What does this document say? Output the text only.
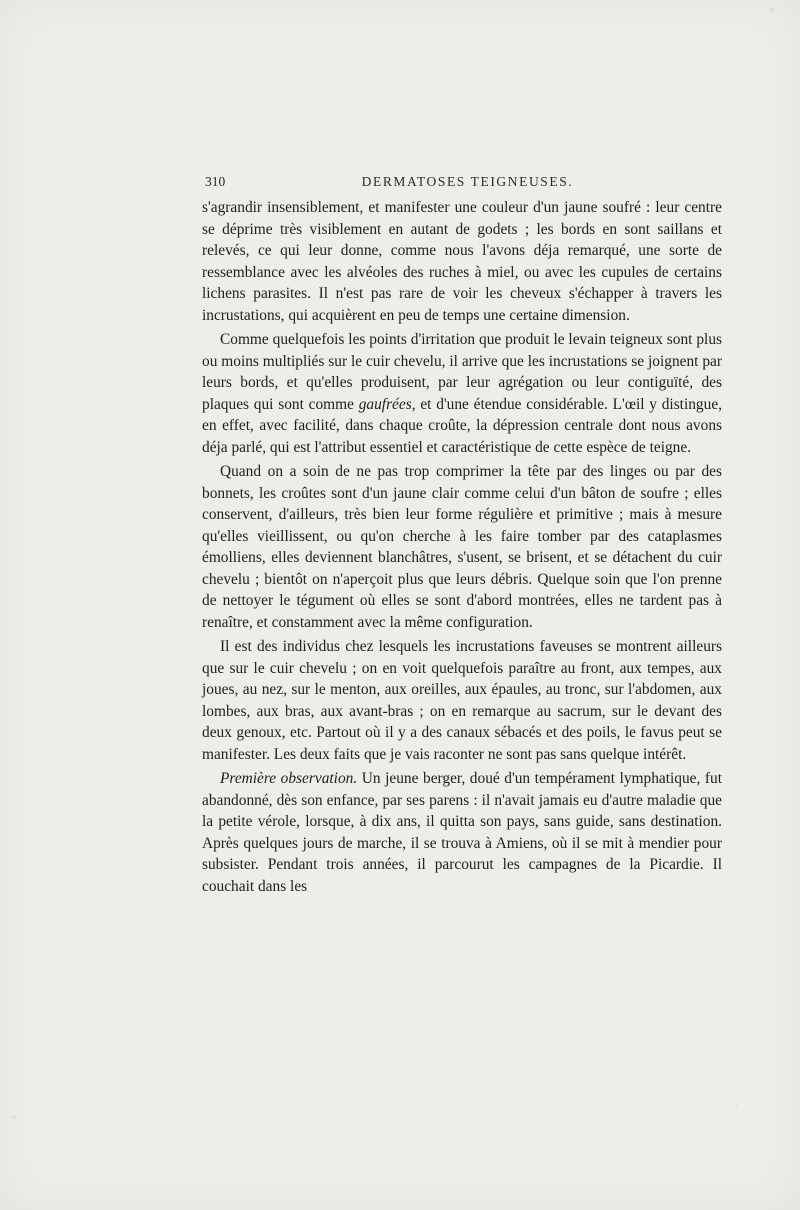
310	DERMATOSES TEIGNEUSES.

s'agrandir insensiblement, et manifester une couleur d'un jaune soufré : leur centre se déprime très visiblement en autant de godets ; les bords en sont saillans et relevés, ce qui leur donne, comme nous l'avons déja remarqué, une sorte de ressemblance avec les alvéoles des ruches à miel, ou avec les cupules de certains lichens parasites. Il n'est pas rare de voir les cheveux s'échapper à travers les incrustations, qui acquièrent en peu de temps une certaine dimension.

Comme quelquefois les points d'irritation que produit le levain teigneux sont plus ou moins multipliés sur le cuir chevelu, il arrive que les incrustations se joignent par leurs bords, et qu'elles produisent, par leur agrégation ou leur contiguïté, des plaques qui sont comme gaufrées, et d'une étendue considérable. L'œil y distingue, en effet, avec facilité, dans chaque croûte, la dépression centrale dont nous avons déja parlé, qui est l'attribut essentiel et caractéristique de cette espèce de teigne.

Quand on a soin de ne pas trop comprimer la tête par des linges ou par des bonnets, les croûtes sont d'un jaune clair comme celui d'un bâton de soufre ; elles conservent, d'ailleurs, très bien leur forme régulière et primitive ; mais à mesure qu'elles vieillissent, ou qu'on cherche à les faire tomber par des cataplasmes émolliens, elles deviennent blanchâtres, s'usent, se brisent, et se détachent du cuir chevelu ; bientôt on n'aperçoit plus que leurs débris. Quelque soin que l'on prenne de nettoyer le tégument où elles se sont d'abord montrées, elles ne tardent pas à renaître, et constamment avec la même configuration.

Il est des individus chez lesquels les incrustations faveuses se montrent ailleurs que sur le cuir chevelu ; on en voit quelquefois paraître au front, aux tempes, aux joues, au nez, sur le menton, aux oreilles, aux épaules, au tronc, sur l'abdomen, aux lombes, aux bras, aux avant-bras ; on en remarque au sacrum, sur le devant des deux genoux, etc. Partout où il y a des canaux sébacés et des poils, le favus peut se manifester. Les deux faits que je vais raconter ne sont pas sans quelque intérêt.

Première observation. Un jeune berger, doué d'un tempérament lymphatique, fut abandonné, dès son enfance, par ses parens : il n'avait jamais eu d'autre maladie que la petite vérole, lorsque, à dix ans, il quitta son pays, sans guide, sans destination. Après quelques jours de marche, il se trouva à Amiens, où il se mit à mendier pour subsister. Pendant trois années, il parcourut les campagnes de la Picardie. Il couchait dans les
